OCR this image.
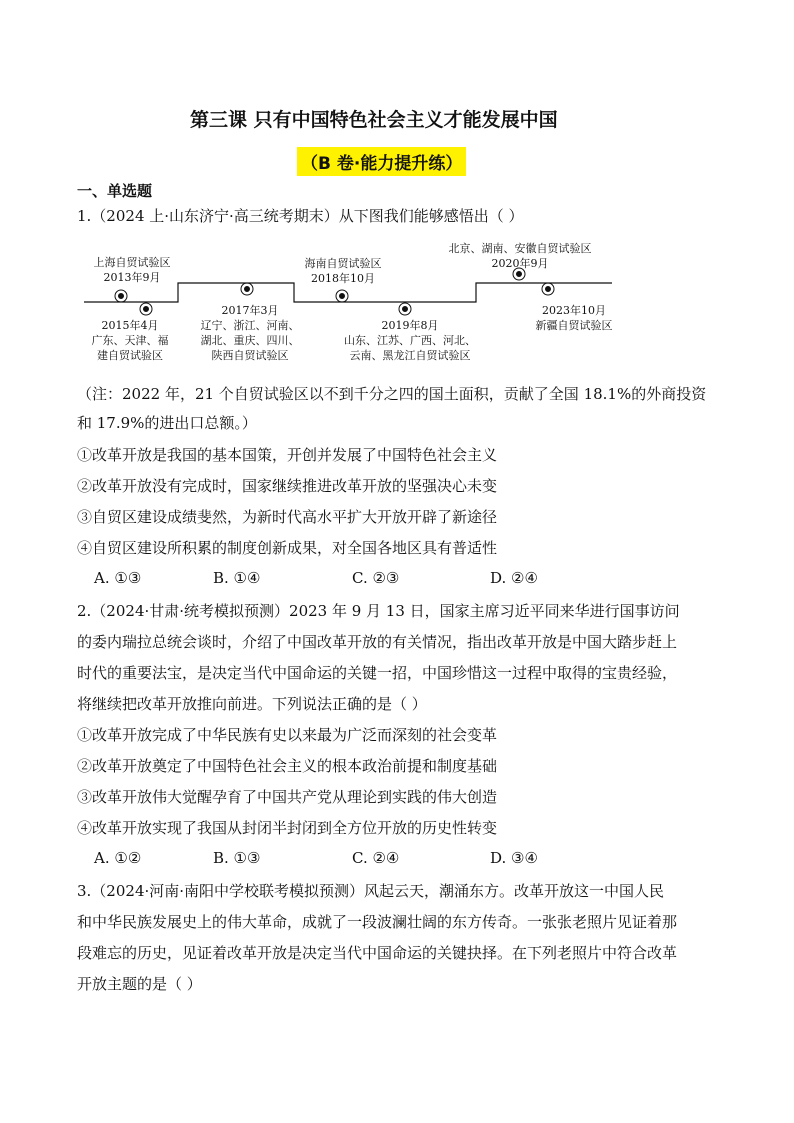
第三课 只有中国特色社会主义才能发展中国
（B 卷·能力提升练）
一、单选题
1.（2024 上·山东济宁·高三统考期末）从下图我们能够感悟出（ ）
上海自贸试验区
2013年9月
海南自贸试验区
2018年10月
北京、湖南、安徽自贸试验区
2020年9月
2015年4月
广东、天津、福
建自贸试验区
2017年3月
辽宁、浙江、河南、
湖北、重庆、四川、
陕西自贸试验区
2019年8月
山东、江苏、广西、河北、
云南、黑龙江自贸试验区
2023年10月
新疆自贸试验区
（注：2022 年，21 个自贸试验区以不到千分之四的国土面积，贡献了全国 18.1%的外商投资
和 17.9%的进出口总额。）
①改革开放是我国的基本国策，开创并发展了中国特色社会主义
②改革开放没有完成时，国家继续推进改革开放的坚强决心未变
③自贸区建设成绩斐然，为新时代高水平扩大开放开辟了新途径
④自贸区建设所积累的制度创新成果，对全国各地区具有普适性
A. ①③	B. ①④	C. ②③	D. ②④
2.（2024·甘肃·统考模拟预测）2023 年 9 月 13 日，国家主席习近平同来华进行国事访问
的委内瑞拉总统会谈时，介绍了中国改革开放的有关情况，指出改革开放是中国大踏步赶上
时代的重要法宝，是决定当代中国命运的关键一招，中国珍惜这一过程中取得的宝贵经验，
将继续把改革开放推向前进。下列说法正确的是（ ）
①改革开放完成了中华民族有史以来最为广泛而深刻的社会变革
②改革开放奠定了中国特色社会主义的根本政治前提和制度基础
③改革开放伟大觉醒孕育了中国共产党从理论到实践的伟大创造
④改革开放实现了我国从封闭半封闭到全方位开放的历史性转变
A. ①②	B. ①③	C. ②④	D. ③④
3.（2024·河南·南阳中学校联考模拟预测）风起云天，潮涌东方。改革开放这一中国人民
和中华民族发展史上的伟大革命，成就了一段波澜壮阔的东方传奇。一张张老照片见证着那
段难忘的历史，见证着改革开放是决定当代中国命运的关键抉择。在下列老照片中符合改革
开放主题的是（ ）
